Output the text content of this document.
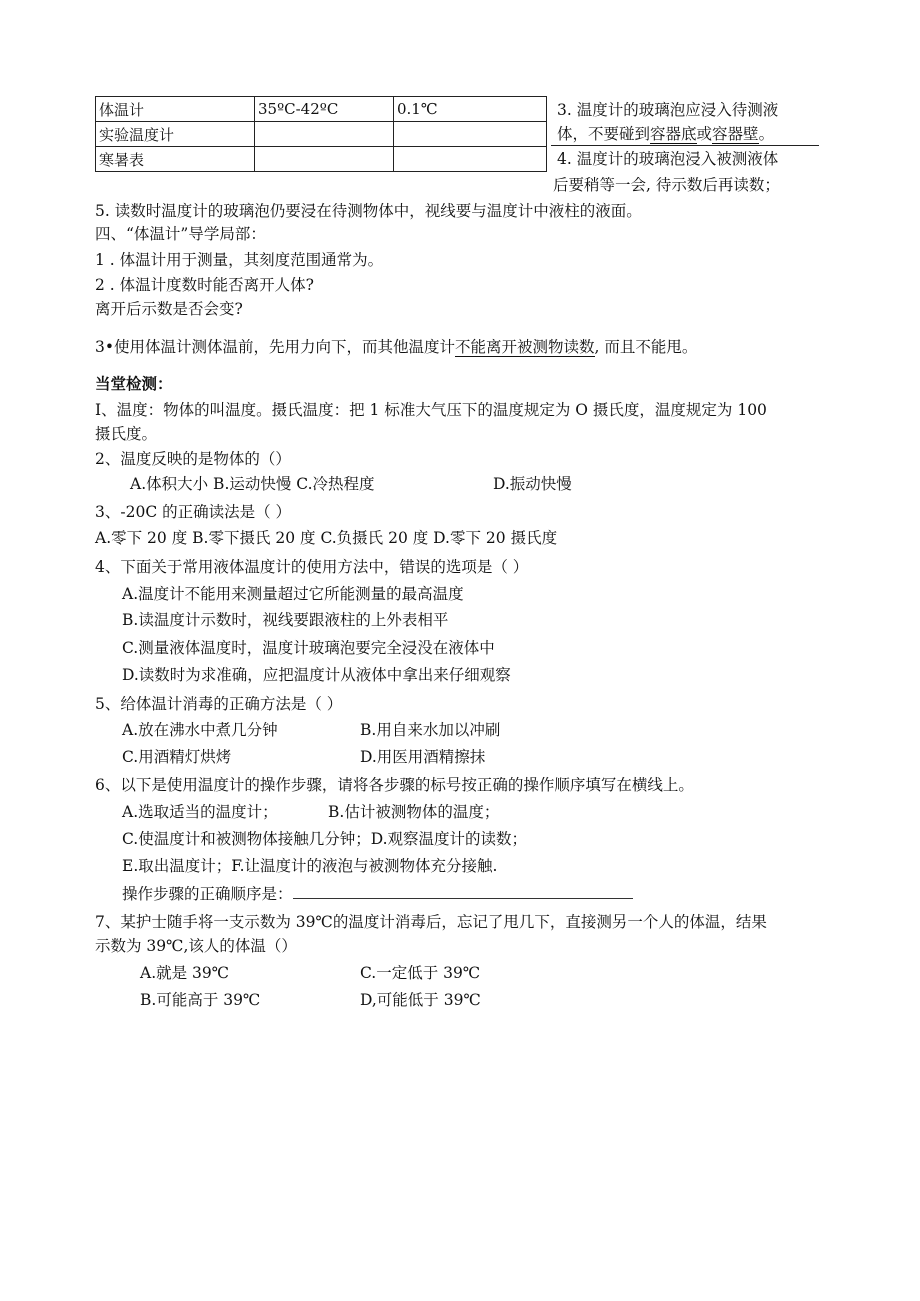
体温计	35ºC-42ºC	0.1℃
实验温度计		
寒暑表		
3. 温度计的玻璃泡应浸入待测液
体，不要碰到容器底或容器壁。
4. 温度计的玻璃泡浸入被测液体
后要稍等一会, 待示数后再读数；
5. 读数时温度计的玻璃泡仍要浸在待测物体中，视线要与温度计中液柱的液面。
四、“体温计”导学局部：
1 . 体温计用于测量，其刻度范围通常为。
2 . 体温计度数时能否离开人体?
离开后示数是否会变?
3•使用体温计测体温前，先用力向下，而其他温度计不能离开被测物读数, 而且不能甩。
当堂检测：
I、温度：物体的叫温度。摄氏温度：把 1 标准大气压下的温度规定为 O 摄氏度，温度规定为 100
摄氏度。
2、温度反映的是物体的（）
A.体积大小 B.运动快慢 C.冷热程度	D.振动快慢
3、-20C 的正确读法是（ ）
A.零下 20 度 B.零下摄氏 20 度 C.负摄氏 20 度 D.零下 20 摄氏度
4、下面关于常用液体温度计的使用方法中，错误的选项是（ ）
A.温度计不能用来测量超过它所能测量的最高温度
B.读温度计示数时，视线要跟液柱的上外表相平
C.测量液体温度时，温度计玻璃泡要完全浸没在液体中
D.读数时为求准确，应把温度计从液体中拿出来仔细观察
5、给体温计消毒的正确方法是（ ）
A.放在沸水中煮几分钟	B.用自来水加以冲刷
C.用酒精灯烘烤	D.用医用酒精擦抹
6、以下是使用温度计的操作步骤，请将各步骤的标号按正确的操作顺序填写在横线上。
A.选取适当的温度计；	B.估计被测物体的温度；
C.使温度计和被测物体接触几分钟；D.观察温度计的读数；
E.取出温度计；F.让温度计的液泡与被测物体充分接触.
操作步骤的正确顺序是：
7、某护士随手将一支示数为 39℃的温度计消毒后，忘记了甩几下，直接测另一个人的体温，结果
示数为 39℃,该人的体温（）
A.就是 39℃	C.一定低于 39℃
B.可能高于 39℃	D,可能低于 39℃
